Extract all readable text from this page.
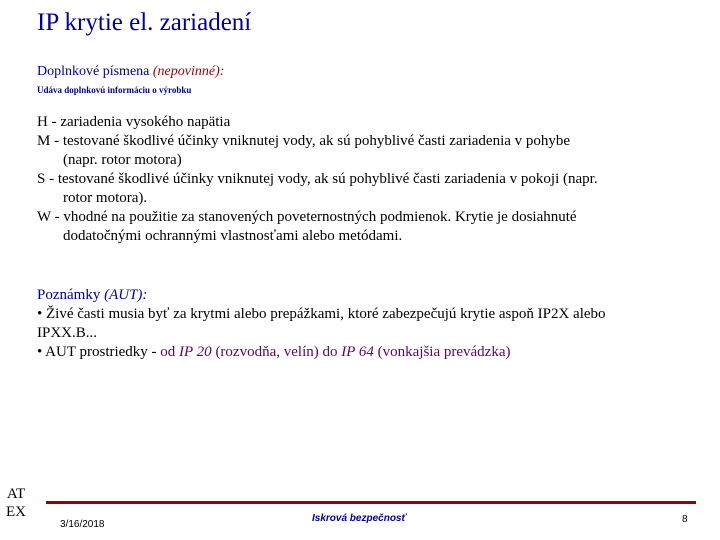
IP krytie el. zariadení
Doplnkové písmena (nepovinné):
Udáva doplnkovú informáciu o výrobku
H - zariadenia vysokého napätia
M - testované škodlivé účinky vniknutej vody, ak sú pohyblivé časti zariadenia v pohybe
(napr. rotor motora)
S - testované škodlivé účinky vniknutej vody, ak sú pohyblivé časti zariadenia v pokoji (napr.
rotor motora).
W - vhodné na použitie za stanovených poveternostných podmienok. Krytie je dosiahnuté
dodatočnými ochrannými vlastnosťami alebo metódami.
Poznámky (AUT):
• Živé časti musia byť za krytmi alebo prepážkami, ktoré zabezpečujú krytie aspoň IP2X alebo
IPXX.B...
• AUT prostriedky - od IP 20 (rozvodňa, velín) do IP 64 (vonkajšia prevádzka)
AT
EX
3/16/2018
Iskrová bezpečnosť	8
